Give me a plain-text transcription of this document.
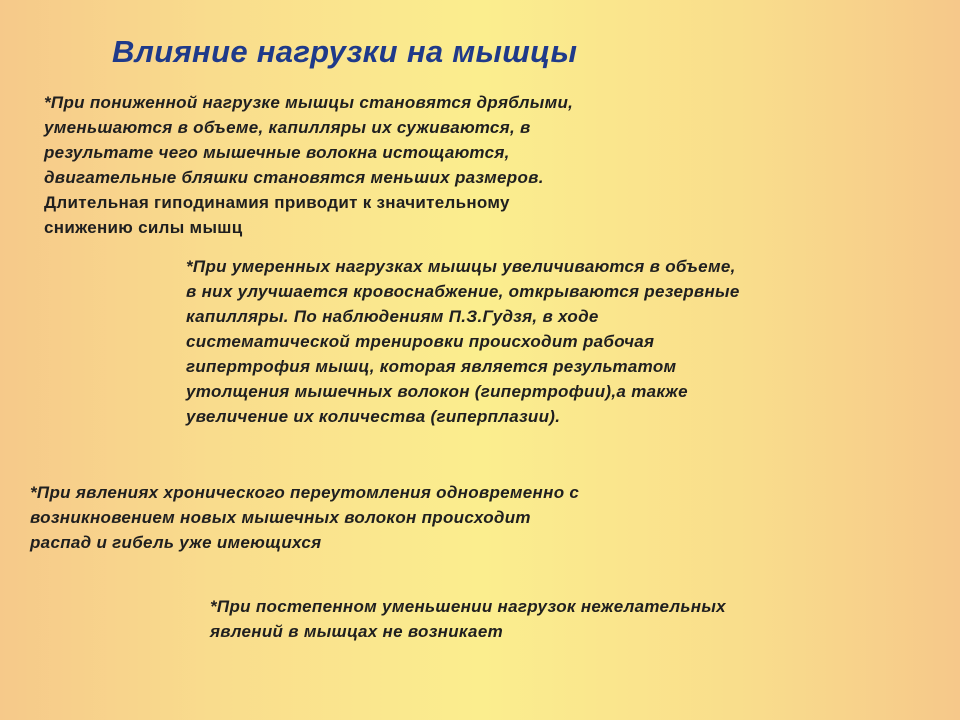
Влияние нагрузки на мышцы
*При пониженной нагрузке мышцы становятся дряблыми,
уменьшаются в объеме, капилляры их суживаются, в
результате чего мышечные волокна истощаются,
двигательные бляшки становятся меньших размеров.
Длительная гиподинамия приводит к значительному
снижению силы мышц
*При умеренных нагрузках мышцы увеличиваются в объеме,
в них улучшается кровоснабжение, открываются резервные
капилляры. По наблюдениям П.З.Гудзя, в ходе
систематической тренировки происходит рабочая
гипертрофия мышц, которая является результатом
утолщения мышечных волокон (гипертрофии),а также
увеличение их количества (гиперплазии).
*При явлениях хронического переутомления одновременно с
возникновением новых мышечных волокон происходит
распад и гибель уже имеющихся
*При постепенном уменьшении нагрузок нежелательных
явлений в мышцах не возникает
